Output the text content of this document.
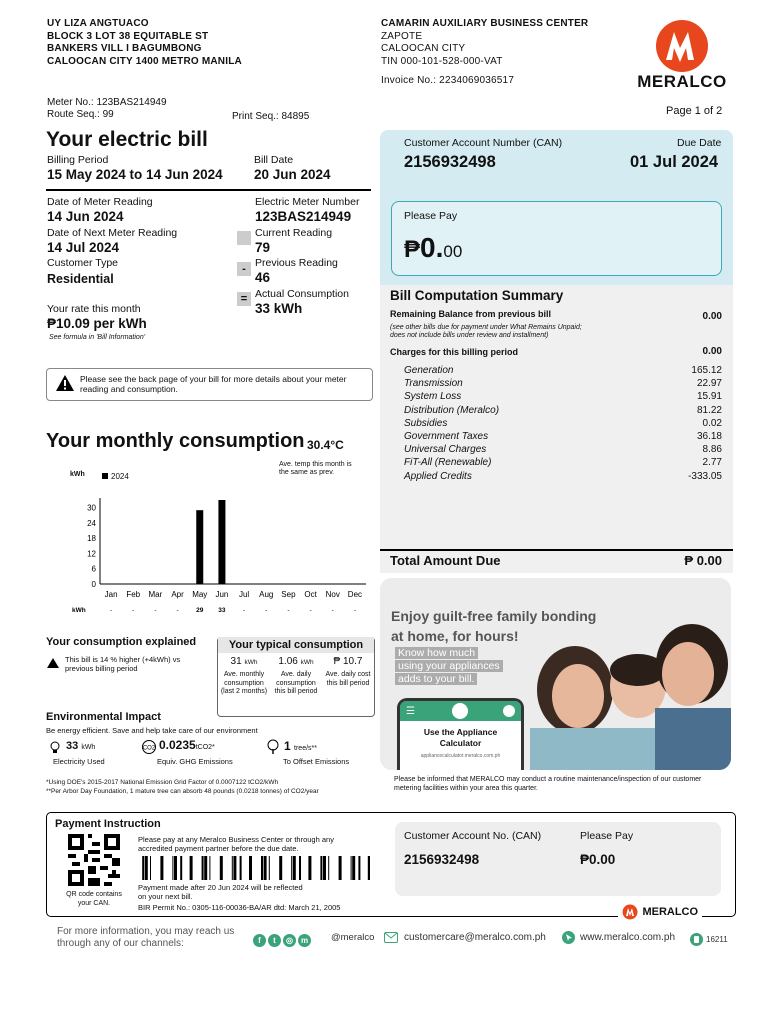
UY LIZA ANGTUACO
BLOCK 3 LOT 38 EQUITABLE ST
BANKERS VILL I BAGUMBONG
CALOOCAN CITY 1400 METRO MANILA
CAMARIN AUXILIARY BUSINESS CENTER
ZAPOTE
CALOOCAN CITY
TIN 000-101-528-000-VAT
Invoice No.: 2234069036517	MERALCO
Page 1 of 2
Meter No.: 123BAS214949
Route Seq.: 99	Print Seq.: 84895
Your electric bill
Billing Period
15 May 2024 to 14 Jun 2024
Bill Date
20 Jun 2024
Date of Meter Reading
14 Jun 2024
Date of Next Meter Reading
14 Jul 2024
Customer Type
Residential
Electric Meter Number
123BAS214949
Current Reading
79
- Previous Reading
46
= Actual Consumption
33 kWh
Your rate this month
₱10.09 per kWh
See formula in 'Bill Information'
Please see the back page of your bill for more details about your meter reading and consumption.
Customer Account Number (CAN)	Due Date
2156932498	01 Jul 2024
Please Pay
₱0.00
Bill Computation Summary
Remaining Balance from previous bill	0.00
(see other bills due for payment under What Remains Unpaid;
does not include bills under review and installment)
Charges for this billing period	0.00
Generation	165.12
Transmission	22.97
System Loss	15.91
Distribution (Meralco)	81.22
Subsidies	0.02
Government Taxes	36.18
Universal Charges	8.86
FiT-All (Renewable)	2.77
Applied Credits	-333.05
Total Amount Due	₱ 0.00
Your monthly consumption 30.4°C
Ave. temp this month is
the same as prev.
kWh	2024
0
6
12
18
24
30
Jan
-
Feb
-
Mar
-
Apr
-
May
29
Jun
33
Jul
-
Aug
-
Sep
-
Oct
-
Nov
-
Dec
-
kWh
Your consumption explained
This bill is 14 % higher (+4kWh) vs
previous billing period
Your typical consumption
31 kWh
Ave. monthly consumption (last 2 months)
1.06 kWh
Ave. daily consumption this bill period
₱ 10.7
Ave. daily cost this bill period
Environmental Impact
Be energy efficient. Save and help take care of our environment
33 kWh
Electricity Used
CO2 0.0235tCO2*
Equiv. GHG Emissions
1 tree/s**
To Offset Emissions
*Using DOE's 2015-2017 National Emission Grid Factor of 0.0007122 tCO2/kWh
**Per Arbor Day Foundation, 1 mature tree can absorb 48 pounds (0.0218 tonnes) of CO2/year
Enjoy guilt-free family bonding
at home, for hours!
Know how much
using your appliances
adds to your bill.
☰
Use the Appliance
Calculator
appliancecalculator.meralco.com.ph
Please be informed that MERALCO may conduct a routine maintenance/inspection of our customer metering facilities within your area this quarter.
Payment Instruction
QR code contains
your CAN.
Please pay at any Meralco Business Center or through any
accredited payment partner before the due date.
Payment made after 20 Jun 2024 will be reflected
on your next bill.
BIR Permit No.: 0305-116-00036-BA/AR dtd: March 21, 2005
Customer Account No. (CAN)	Please Pay
2156932498	₱0.00
MERALCO
For more information, you may reach us
through any of our channels:	f t ◎ m	@meralco	customercare@meralco.com.ph	www.meralco.com.ph	16211
